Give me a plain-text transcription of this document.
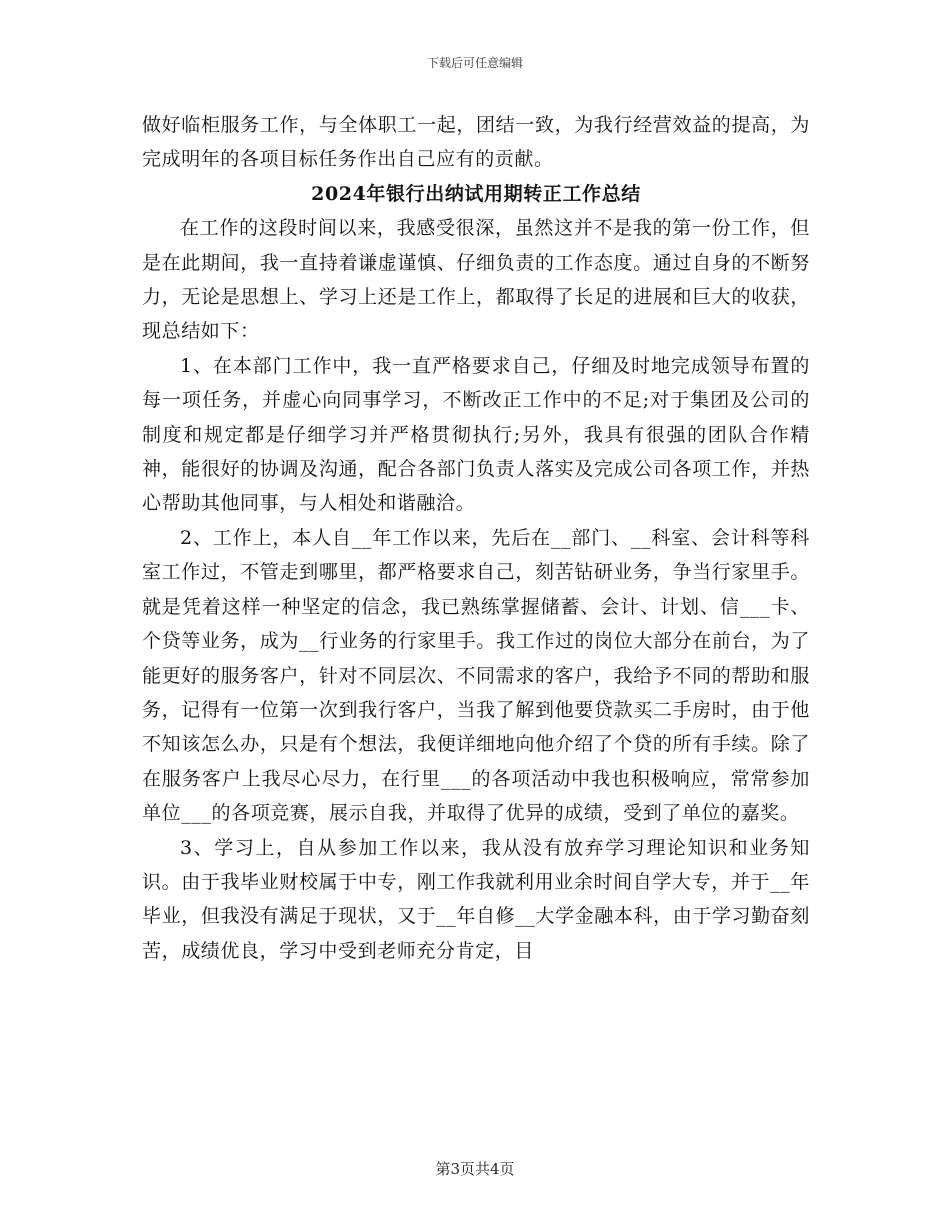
下载后可任意编辑

做好临柜服务工作，与全体职工一起，团结一致，为我行经营效益的提高，为完成明年的各项目标任务作出自己应有的贡献。

2024年银行出纳试用期转正工作总结

在工作的这段时间以来，我感受很深，虽然这并不是我的第一份工作，但是在此期间，我一直持着谦虚谨慎、仔细负责的工作态度。通过自身的不断努力，无论是思想上、学习上还是工作上，都取得了长足的进展和巨大的收获，现总结如下：

1、在本部门工作中，我一直严格要求自己，仔细及时地完成领导布置的每一项任务，并虚心向同事学习，不断改正工作中的不足;对于集团及公司的制度和规定都是仔细学习并严格贯彻执行;另外，我具有很强的团队合作精神，能很好的协调及沟通，配合各部门负责人落实及完成公司各项工作，并热心帮助其他同事，与人相处和谐融洽。

2、工作上，本人自__年工作以来，先后在__部门、__科室、会计科等科室工作过，不管走到哪里，都严格要求自己，刻苦钻研业务，争当行家里手。就是凭着这样一种坚定的信念，我已熟练掌握储蓄、会计、计划、信___卡、个贷等业务，成为__行业务的行家里手。我工作过的岗位大部分在前台，为了能更好的服务客户，针对不同层次、不同需求的客户，我给予不同的帮助和服务，记得有一位第一次到我行客户，当我了解到他要贷款买二手房时，由于他不知该怎么办，只是有个想法，我便详细地向他介绍了个贷的所有手续。除了在服务客户上我尽心尽力，在行里___的各项活动中我也积极响应，常常参加单位___的各项竞赛，展示自我，并取得了优异的成绩，受到了单位的嘉奖。

3、学习上，自从参加工作以来，我从没有放弃学习理论知识和业务知识。由于我毕业财校属于中专，刚工作我就利用业余时间自学大专，并于__年毕业，但我没有满足于现状，又于__年自修__大学金融本科，由于学习勤奋刻苦，成绩优良，学习中受到老师充分肯定，目

第3页共4页
